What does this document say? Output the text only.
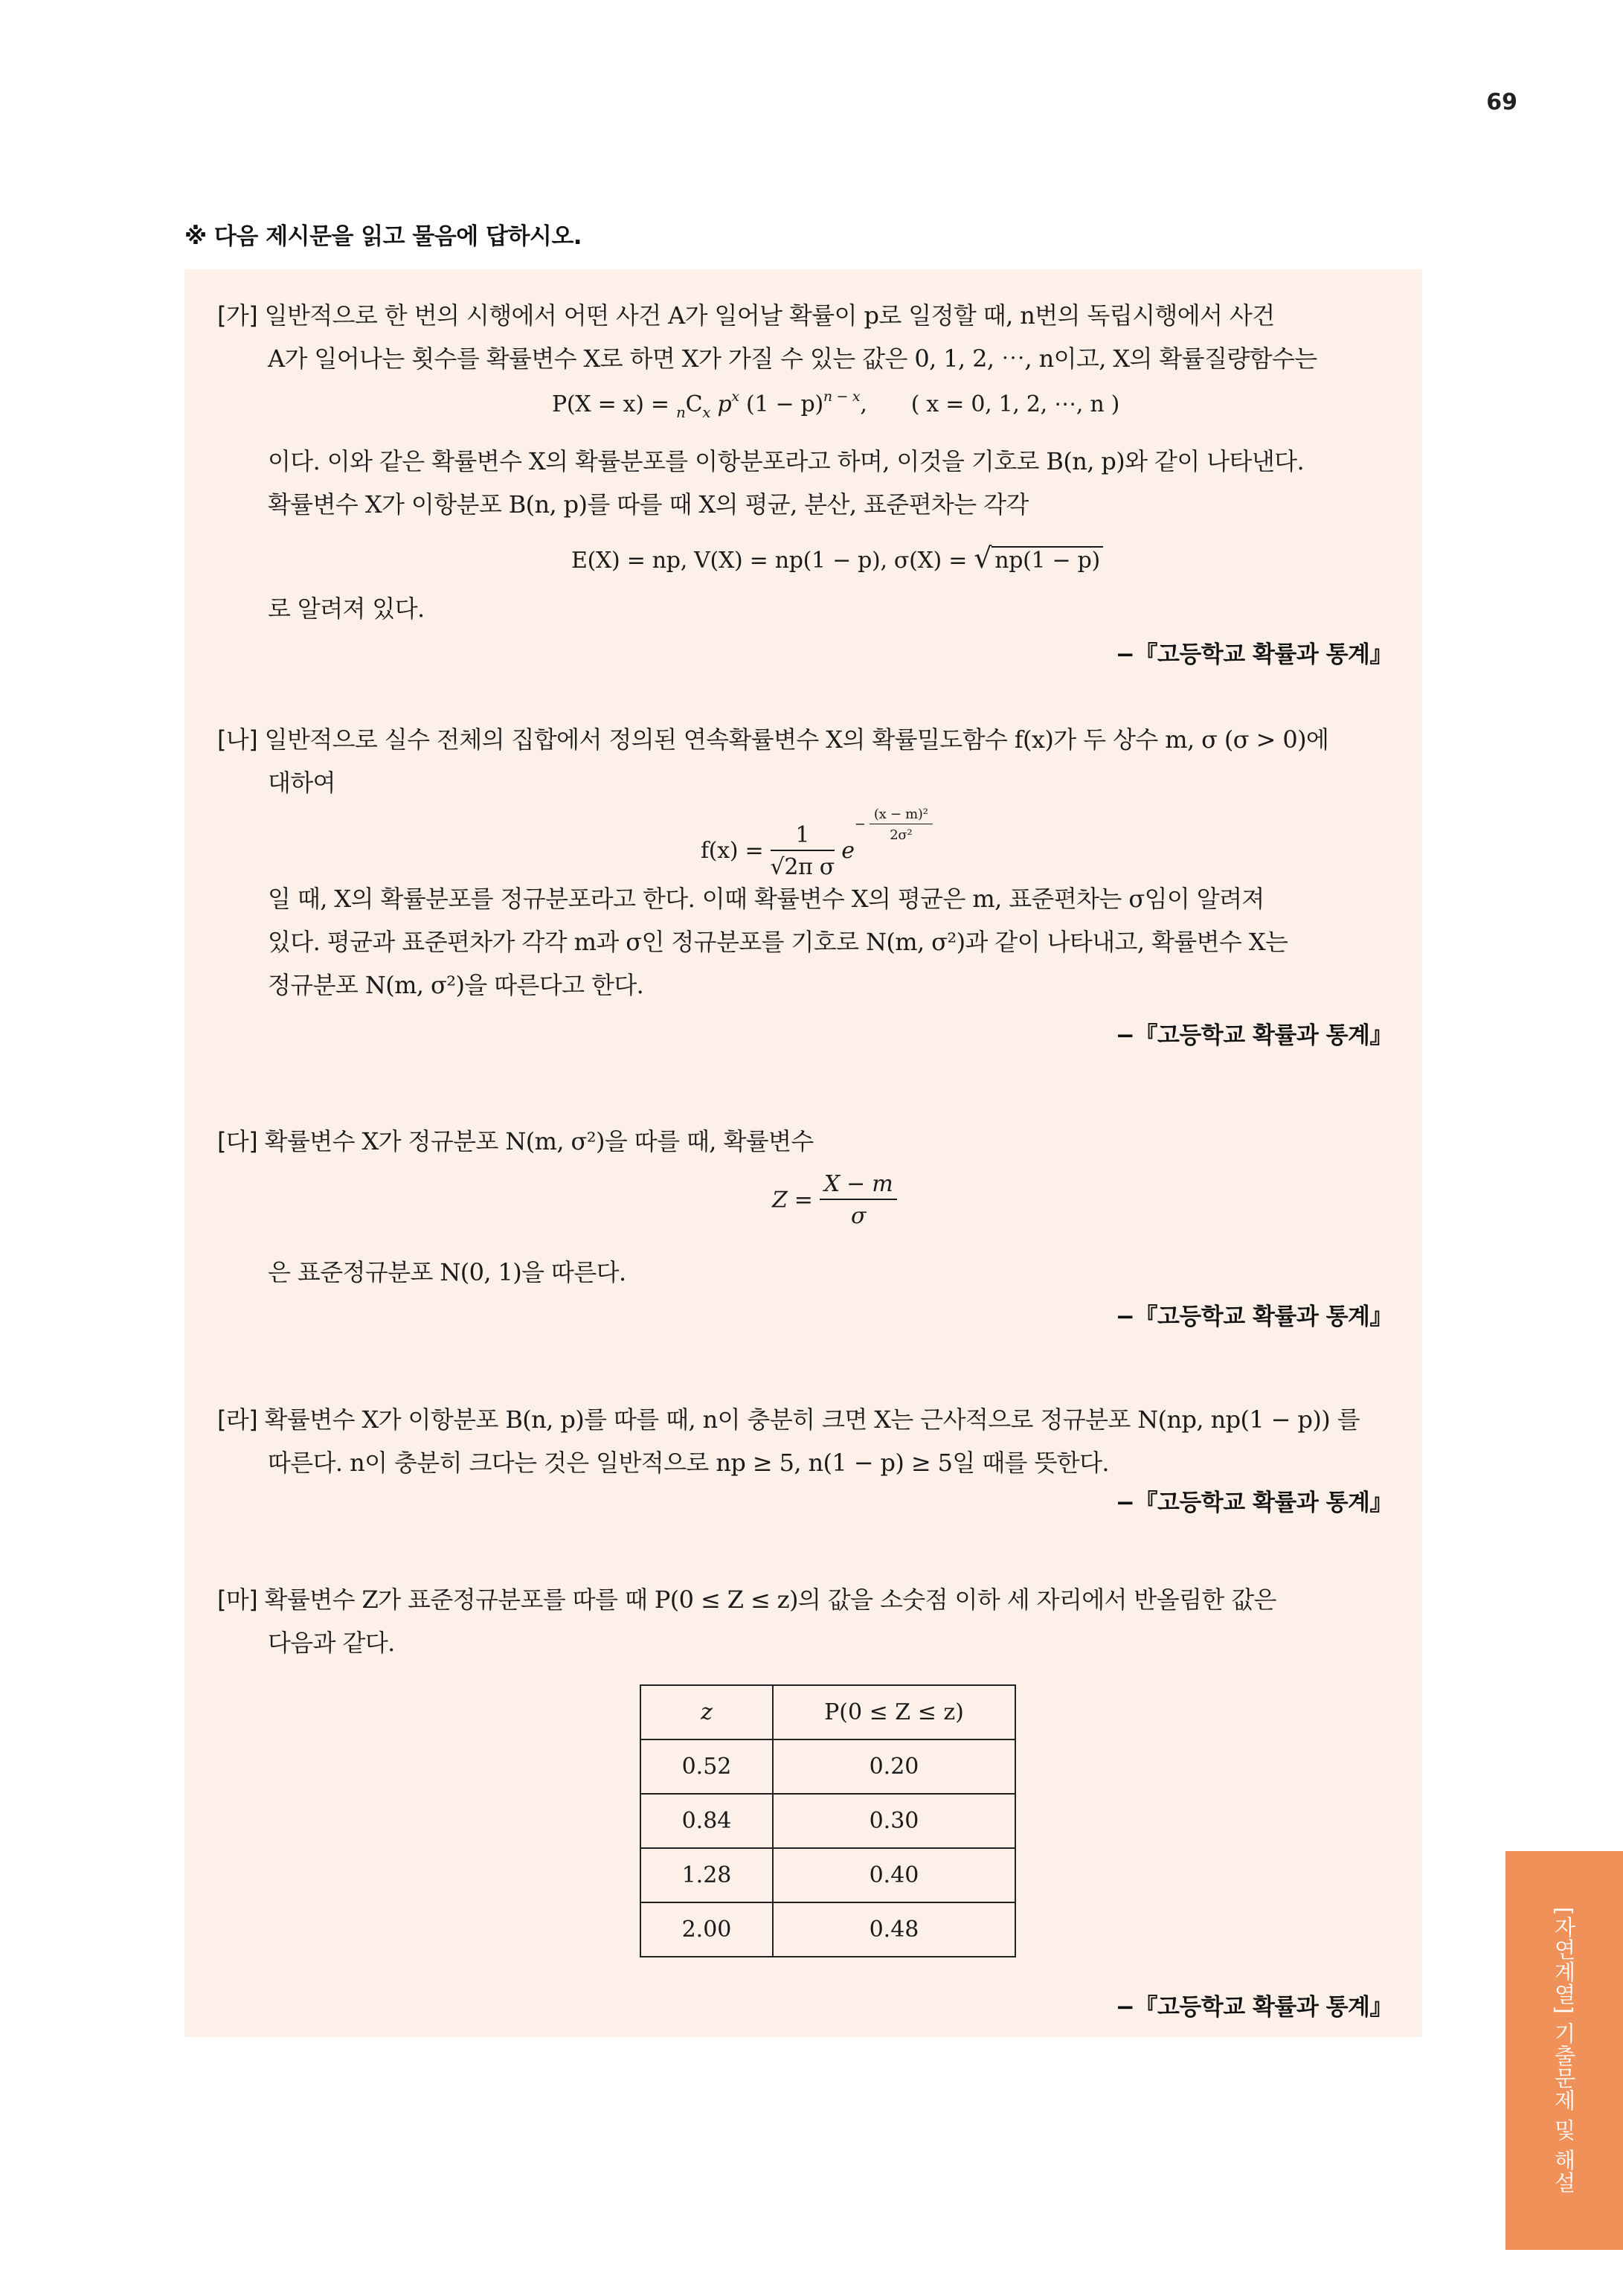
69
※ 다음 제시문을 읽고 물음에 답하시오.
[가] 일반적으로 한 번의 시행에서 어떤 사건 A가 일어날 확률이 p로 일정할 때, n번의 독립시행에서 사건
A가 일어나는 횟수를 확률변수 X로 하면 X가 가질 수 있는 값은 0, 1, 2, ⋯, n이고, X의 확률질량함수는
$P(X = x) = _nC_x$ $p^x$ $(1 - p)^{n - x}$, ( x = 0, 1, 2, ⋯, n )
이다. 이와 같은 확률변수 X의 확률분포를 이항분포라고 하며, 이것을 기호로 B(n, p)와 같이 나타낸다.
확률변수 X가 이항분포 B(n, p)를 따를 때 X의 평균, 분산, 표준편차는 각각
E(X) = np, V(X) = np(1 − p), σ(X) = √ np(1 − p)
로 알려져 있다.
−『고등학교 확률과 통계』
[나] 일반적으로 실수 전체의 집합에서 정의된 연속확률변수 X의 확률밀도함수 f(x)가 두 상수 m, σ (σ > 0)에
대하여
$f(x) = \frac{1}{\text{√2π σ}} e- \frac{\text{(x − m)²}}{\text{2σ²}}$
일 때, X의 확률분포를 정규분포라고 한다. 이때 확률변수 X의 평균은 m, 표준편차는 σ임이 알려져
있다. 평균과 표준편차가 각각 m과 σ인 정규분포를 기호로 N(m, σ²)과 같이 나타내고, 확률변수 X는
정규분포 N(m, σ²)을 따른다고 한다.
−『고등학교 확률과 통계』
[다] 확률변수 X가 정규분포 N(m, σ²)을 따를 때, 확률변수
$Z = \frac{X - m}{\sigma}$
은 표준정규분포 N(0, 1)을 따른다.
−『고등학교 확률과 통계』
[라] 확률변수 X가 이항분포 B(n, p)를 따를 때, n이 충분히 크면 X는 근사적으로 정규분포 N(np, np(1 − p)) 를
따른다. n이 충분히 크다는 것은 일반적으로 np ≥ 5, n(1 − p) ≥ 5일 때를 뜻한다.
−『고등학교 확률과 통계』
[마] 확률변수 Z가 표준정규분포를 따를 때 P(0 ≤ Z ≤ z)의 값을 소숫점 이하 세 자리에서 반올림한 값은
다음과 같다.
z	P(0 ≤ Z ≤ z)
0.52	0.20
0.84	0.30
1.28	0.40
2.00	0.48
−『고등학교 확률과 통계』	[자연계열] 기출문제 및 해설
